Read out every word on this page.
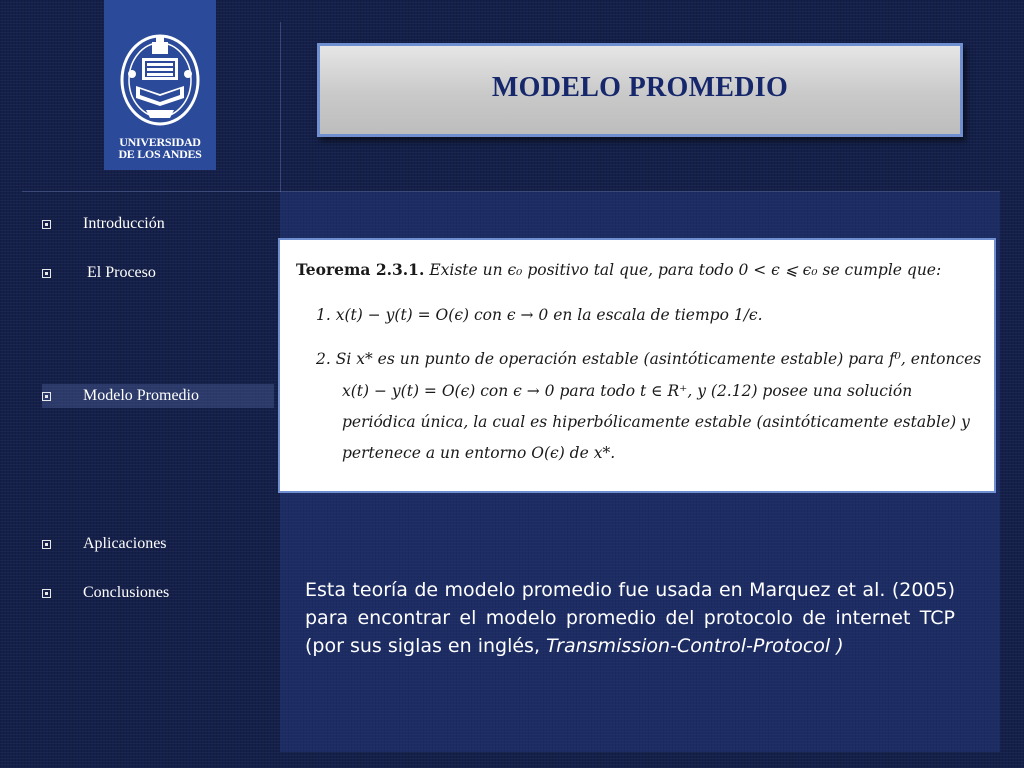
UNIVERSIDAD
DE LOS ANDES
MODELO PROMEDIO
Introducción
El Proceso
Modelo Promedio
Aplicaciones
Conclusiones
Teorema 2.3.1. Existe un ϵ₀ positivo tal que, para todo 0 < ϵ ⩽ ϵ₀ se cumple que:
1. x(t) − y(t) = O(ϵ) con ϵ → 0 en la escala de tiempo 1/ϵ.
2. Si x* es un punto de operación estable (asintóticamente estable) para f⁰, entonces
x(t) − y(t) = O(ϵ) con ϵ → 0 para todo t ∈ R⁺, y (2.12) posee una solución
periódica única, la cual es hiperbólicamente estable (asintóticamente estable) y
pertenece a un entorno O(ϵ) de x*.
Esta teoría de modelo promedio fue usada en Marquez et al. (2005) para encontrar el modelo promedio del protocolo de internet TCP (por sus siglas en inglés, Transmission-Control-Protocol )
